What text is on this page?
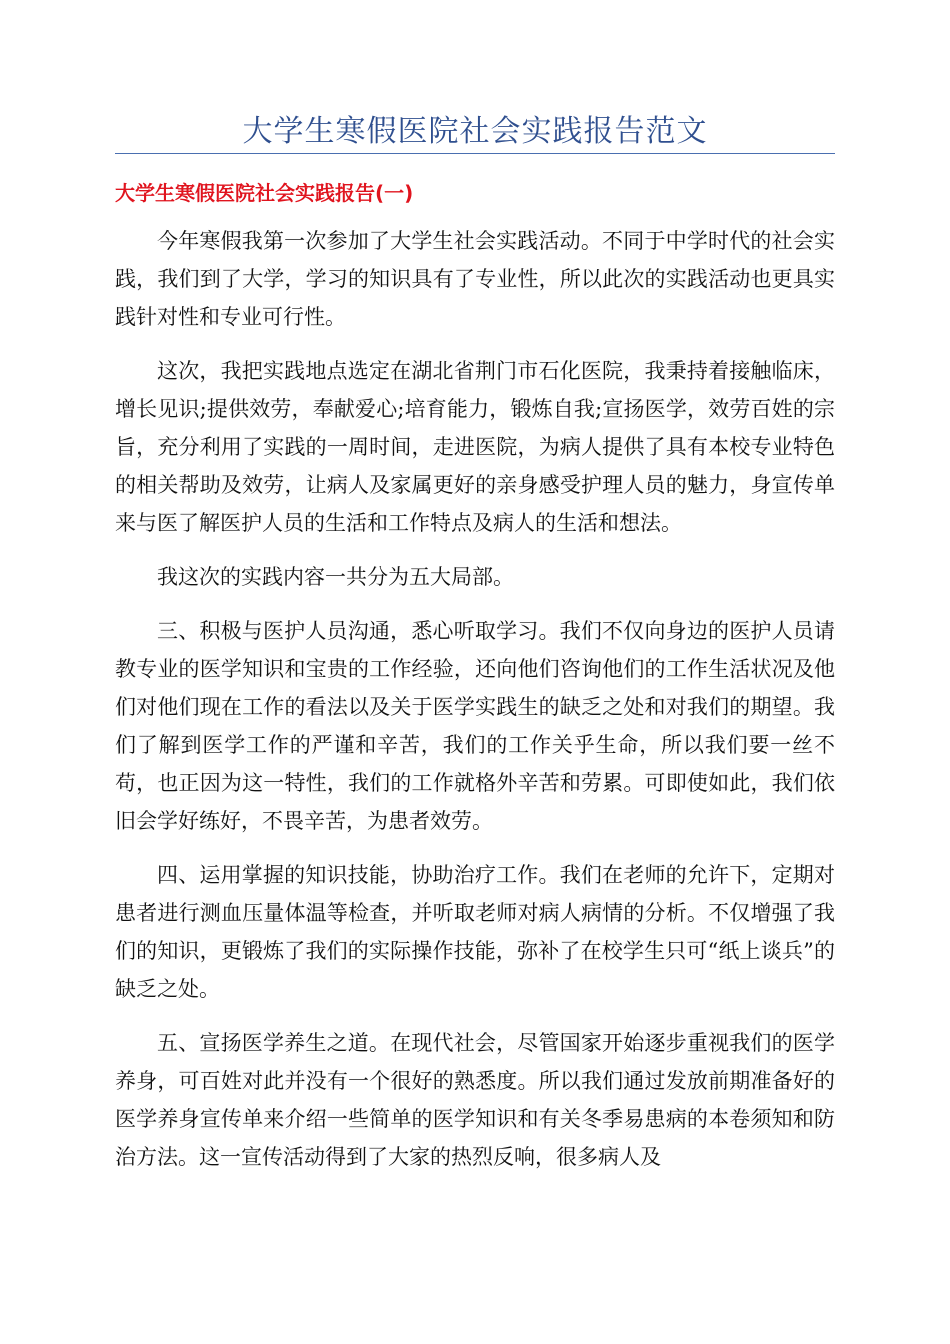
大学生寒假医院社会实践报告范文
大学生寒假医院社会实践报告(一)

今年寒假我第一次参加了大学生社会实践活动。不同于中学时代的社会实践，我们到了大学，学习的知识具有了专业性，所以此次的实践活动也更具实践针对性和专业可行性。

这次，我把实践地点选定在湖北省荆门市石化医院，我秉持着接触临床，增长见识;提供效劳，奉献爱心;培育能力，锻炼自我;宣扬医学，效劳百姓的宗旨，充分利用了实践的一周时间，走进医院，为病人提供了具有本校专业特色的相关帮助及效劳，让病人及家属更好的亲身感受护理人员的魅力，身宣传单来与医了解医护人员的生活和工作特点及病人的生活和想法。

我这次的实践内容一共分为五大局部。

三、积极与医护人员沟通，悉心听取学习。我们不仅向身边的医护人员请教专业的医学知识和宝贵的工作经验，还向他们咨询他们的工作生活状况及他们对他们现在工作的看法以及关于医学实践生的缺乏之处和对我们的期望。我们了解到医学工作的严谨和辛苦，我们的工作关乎生命，所以我们要一丝不苟，也正因为这一特性，我们的工作就格外辛苦和劳累。可即使如此，我们依旧会学好练好，不畏辛苦，为患者效劳。

四、运用掌握的知识技能，协助治疗工作。我们在老师的允许下，定期对患者进行测血压量体温等检查，并听取老师对病人病情的分析。不仅增强了我们的知识，更锻炼了我们的实际操作技能，弥补了在校学生只可“纸上谈兵”的缺乏之处。

五、宣扬医学养生之道。在现代社会，尽管国家开始逐步重视我们的医学养身，可百姓对此并没有一个很好的熟悉度。所以我们通过发放前期准备好的医学养身宣传单来介绍一些简单的医学知识和有关冬季易患病的本卷须知和防治方法。这一宣传活动得到了大家的热烈反响，很多病人及
